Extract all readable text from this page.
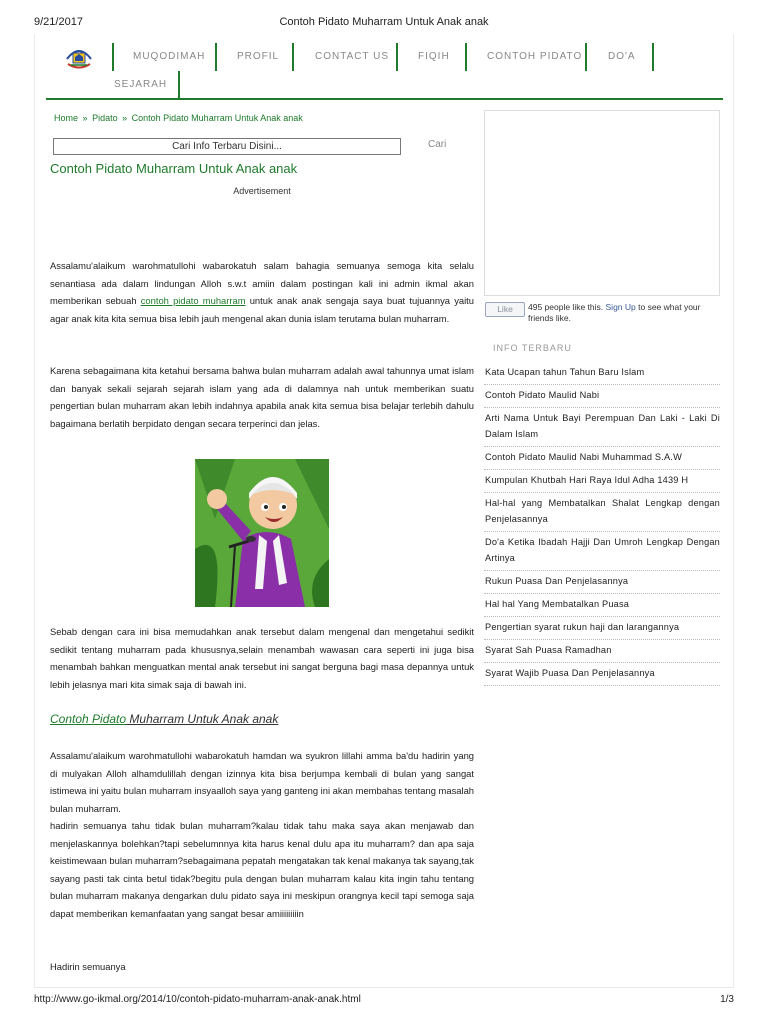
9/21/2017	Contoh Pidato Muharram Untuk Anak anak
MUQODIMAH	PROFIL	CONTACT US	FIQIH	CONTOH PIDATO	DO'A
SEJARAH
Home » Pidato » Contoh Pidato Muharram Untuk Anak anak
Cari Info Terbaru Disini...	Cari
Contoh Pidato Muharram Untuk Anak anak
Advertisement
Assalamu'alaikum warohmatullohi wabarokatuh salam bahagia semuanya semoga kita selalu senantiasa ada dalam lindungan Alloh s.w.t amiin dalam postingan kali ini admin ikmal akan memberikan sebuah contoh pidato muharram untuk anak anak sengaja saya buat tujuannya yaitu agar anak kita kita semua bisa lebih jauh mengenal akan dunia islam terutama bulan muharram.
Karena sebagaimana kita ketahui bersama bahwa bulan muharram adalah awal tahunnya umat islam dan banyak sekali sejarah sejarah islam yang ada di dalamnya nah untuk memberikan suatu pengertian bulan muharram akan lebih indahnya apabila anak kita semua bisa belajar terlebih dahulu bagaimana berlatih berpidato dengan secara terperinci dan jelas.
Sebab dengan cara ini bisa memudahkan anak tersebut dalam mengenal dan mengetahui sedikit sedikit tentang muharram pada khususnya,selain menambah wawasan cara seperti ini juga bisa menambah bahkan menguatkan mental anak tersebut ini sangat berguna bagi masa depannya untuk lebih jelasnya mari kita simak saja di bawah ini.
Contoh Pidato Muharram Untuk Anak anak
Assalamu'alaikum warohmatullohi wabarokatuh hamdan wa syukron lillahi amma ba'du hadirin yang di mulyakan Alloh alhamdulillah dengan izinnya kita bisa berjumpa kembali di bulan yang sangat istimewa ini yaitu bulan muharram insyaalloh saya yang ganteng ini akan membahas tentang masalah bulan muharram.
hadirin semuanya tahu tidak bulan muharram?kalau tidak tahu maka saya akan menjawab dan menjelaskannya bolehkan?tapi sebelumnnya kita harus kenal dulu apa itu muharram? dan apa saja keistimewaan bulan muharram?sebagaimana pepatah mengatakan tak kenal makanya tak sayang,tak sayang pasti tak cinta betul tidak?begitu pula dengan bulan muharram kalau kita ingin tahu tentang bulan muharram makanya dengarkan dulu pidato saya ini meskipun orangnya kecil tapi semoga saja dapat memberikan kemanfaatan yang sangat besar amiiiiiiiiin
Hadirin semuanya
Like	495 people like this. Sign Up to see what your friends like.
INFO TERBARU
Kata Ucapan tahun Tahun Baru Islam
Contoh Pidato Maulid Nabi
Arti Nama Untuk Bayi Perempuan Dan Laki - Laki Di Dalam Islam
Contoh Pidato Maulid Nabi Muhammad S.A.W
Kumpulan Khutbah Hari Raya Idul Adha 1439 H
Hal-hal yang Membatalkan Shalat Lengkap dengan Penjelasannya
Do'a Ketika Ibadah Hajji Dan Umroh Lengkap Dengan Artinya
Rukun Puasa Dan Penjelasannya
Hal hal Yang Membatalkan Puasa
Pengertian syarat rukun haji dan larangannya
Syarat Sah Puasa Ramadhan
Syarat Wajib Puasa Dan Penjelasannya
http://www.go-ikmal.org/2014/10/contoh-pidato-muharram-anak-anak.html	1/3
